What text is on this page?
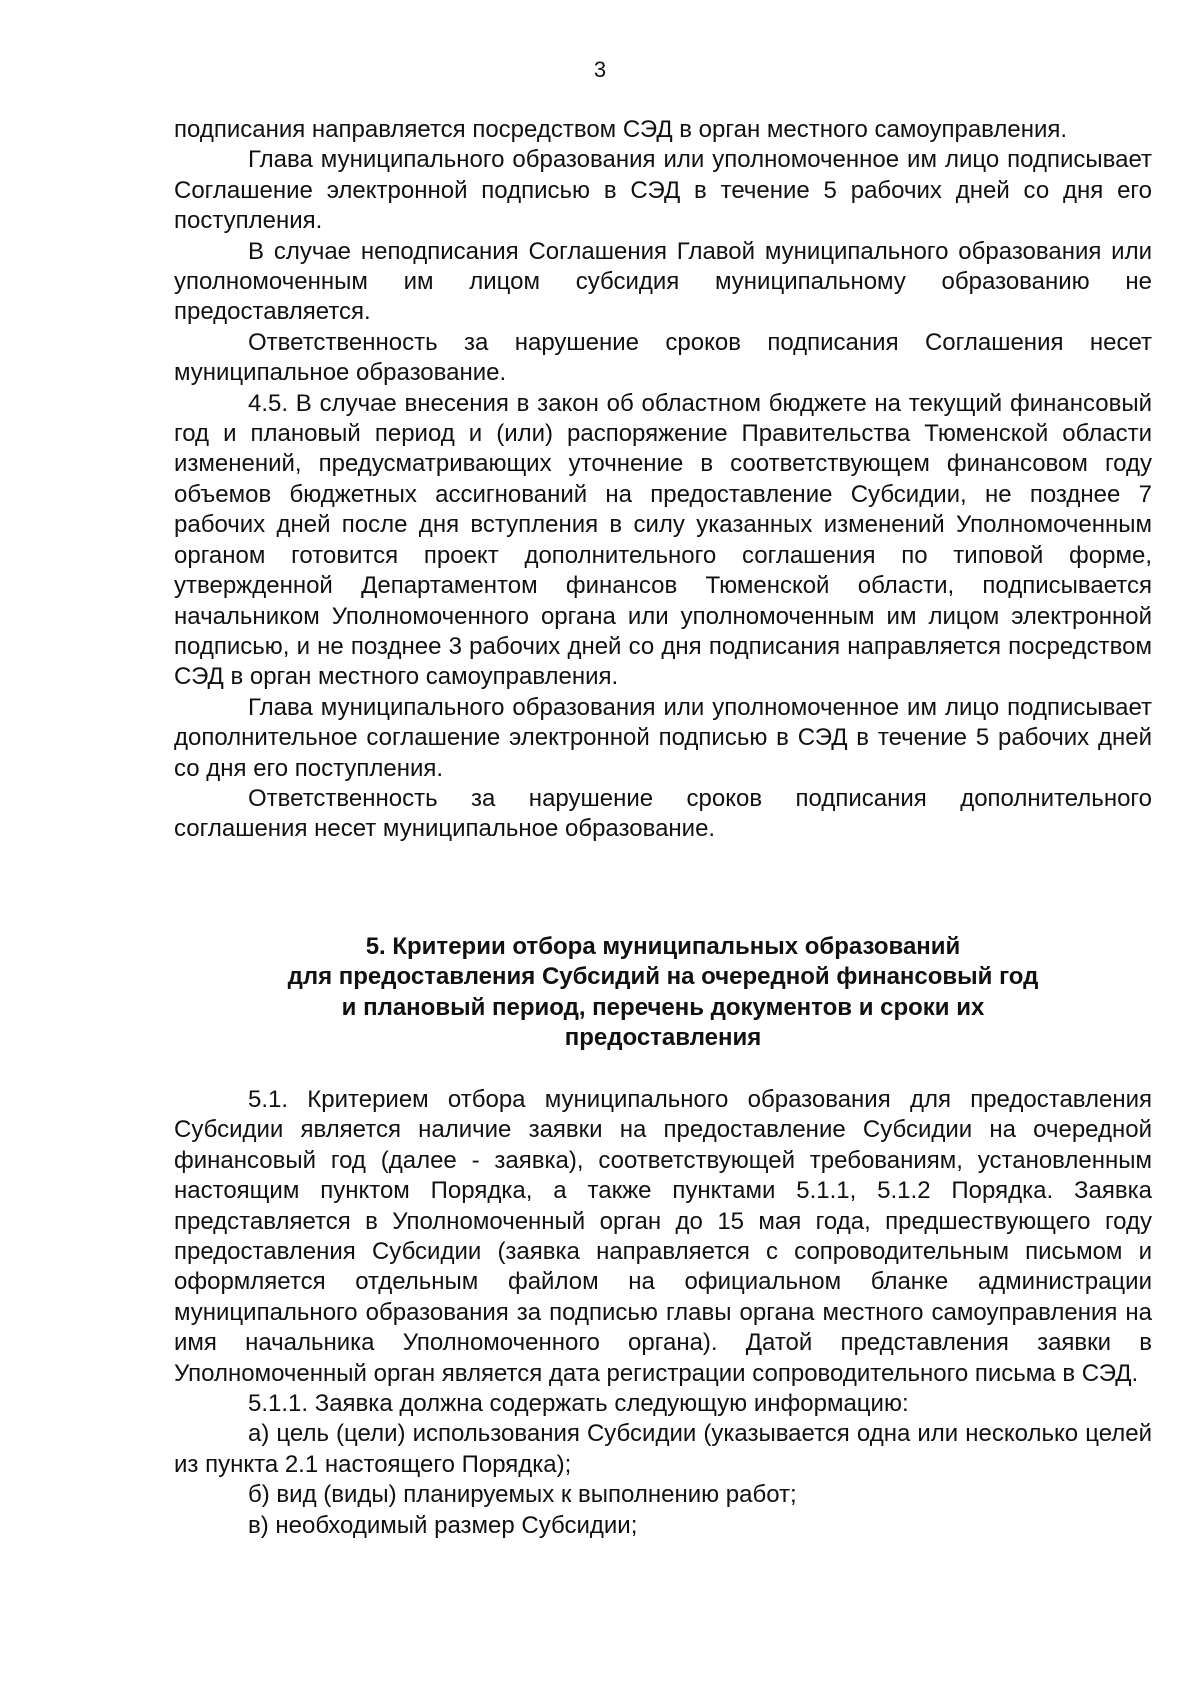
3

подписания направляется посредством СЭД в орган местного самоуправления.

Глава муниципального образования или уполномоченное им лицо подписывает Соглашение электронной подписью в СЭД в течение 5 рабочих дней со дня его поступления.

В случае неподписания Соглашения Главой муниципального образования или уполномоченным им лицом субсидия муниципальному образованию не предоставляется.

Ответственность за нарушение сроков подписания Соглашения несет муниципальное образование.

4.5. В случае внесения в закон об областном бюджете на текущий финансовый год и плановый период и (или) распоряжение Правительства Тюменской области изменений, предусматривающих уточнение в соответствующем финансовом году объемов бюджетных ассигнований на предоставление Субсидии, не позднее 7 рабочих дней после дня вступления в силу указанных изменений Уполномоченным органом готовится проект дополнительного соглашения по типовой форме, утвержденной Департаментом финансов Тюменской области, подписывается начальником Уполномоченного органа или уполномоченным им лицом электронной подписью, и не позднее 3 рабочих дней со дня подписания направляется посредством СЭД в орган местного самоуправления.

Глава муниципального образования или уполномоченное им лицо подписывает дополнительное соглашение электронной подписью в СЭД в течение 5 рабочих дней со дня его поступления.

Ответственность за нарушение сроков подписания дополнительного соглашения несет муниципальное образование.

5. Критерии отбора муниципальных образований
для предоставления Субсидий на очередной финансовый год
и плановый период, перечень документов и сроки их
предоставления

5.1. Критерием отбора муниципального образования для предоставления Субсидии является наличие заявки на предоставление Субсидии на очередной финансовый год (далее - заявка), соответствующей требованиям, установленным настоящим пунктом Порядка, а также пунктами 5.1.1, 5.1.2 Порядка. Заявка представляется в Уполномоченный орган до 15 мая года, предшествующего году предоставления Субсидии (заявка направляется с сопроводительным письмом и оформляется отдельным файлом на официальном бланке администрации муниципального образования за подписью главы органа местного самоуправления на имя начальника Уполномоченного органа). Датой представления заявки в Уполномоченный орган является дата регистрации сопроводительного письма в СЭД.

5.1.1. Заявка должна содержать следующую информацию:

а) цель (цели) использования Субсидии (указывается одна или несколько целей из пункта 2.1 настоящего Порядка);

б) вид (виды) планируемых к выполнению работ;

в) необходимый размер Субсидии;
